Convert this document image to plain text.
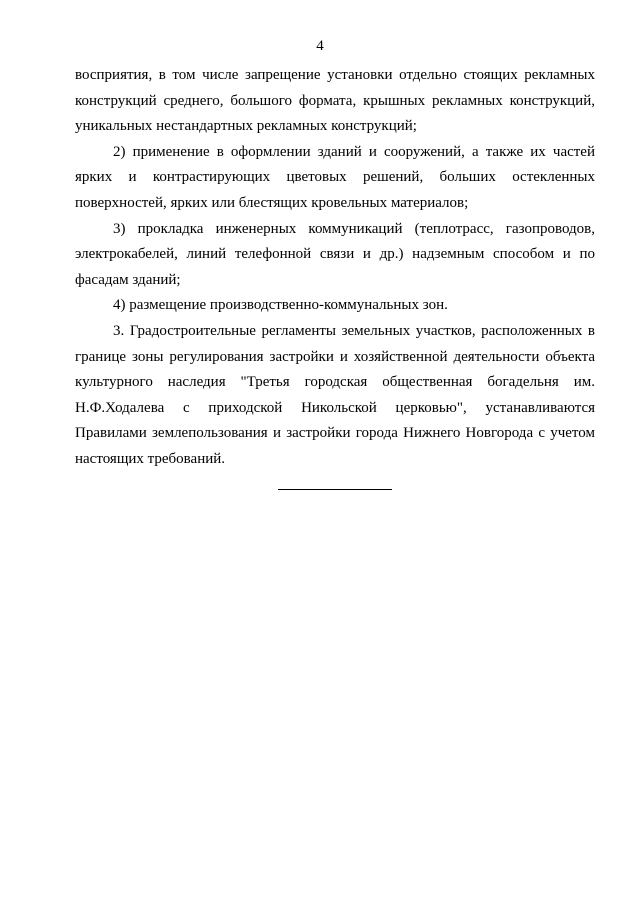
4

восприятия, в том числе запрещение установки отдельно стоящих рекламных конструкций среднего, большого формата, крышных рекламных конструкций, уникальных нестандартных рекламных конструкций;

2) применение в оформлении зданий и сооружений, а также их частей ярких и контрастирующих цветовых решений, больших остекленных поверхностей, ярких или блестящих кровельных материалов;

3) прокладка инженерных коммуникаций (теплотрасс, газопроводов, электрокабелей, линий телефонной связи и др.) надземным способом и по фасадам зданий;

4) размещение производственно-коммунальных зон.

3. Градостроительные регламенты земельных участков, расположенных в границе зоны регулирования застройки и хозяйственной деятельности объекта культурного наследия "Третья городская общественная богадельня им. Н.Ф.Ходалева с приходской Никольской церковью", устанавливаются Правилами землепользования и застройки города Нижнего Новгорода с учетом настоящих требований.
